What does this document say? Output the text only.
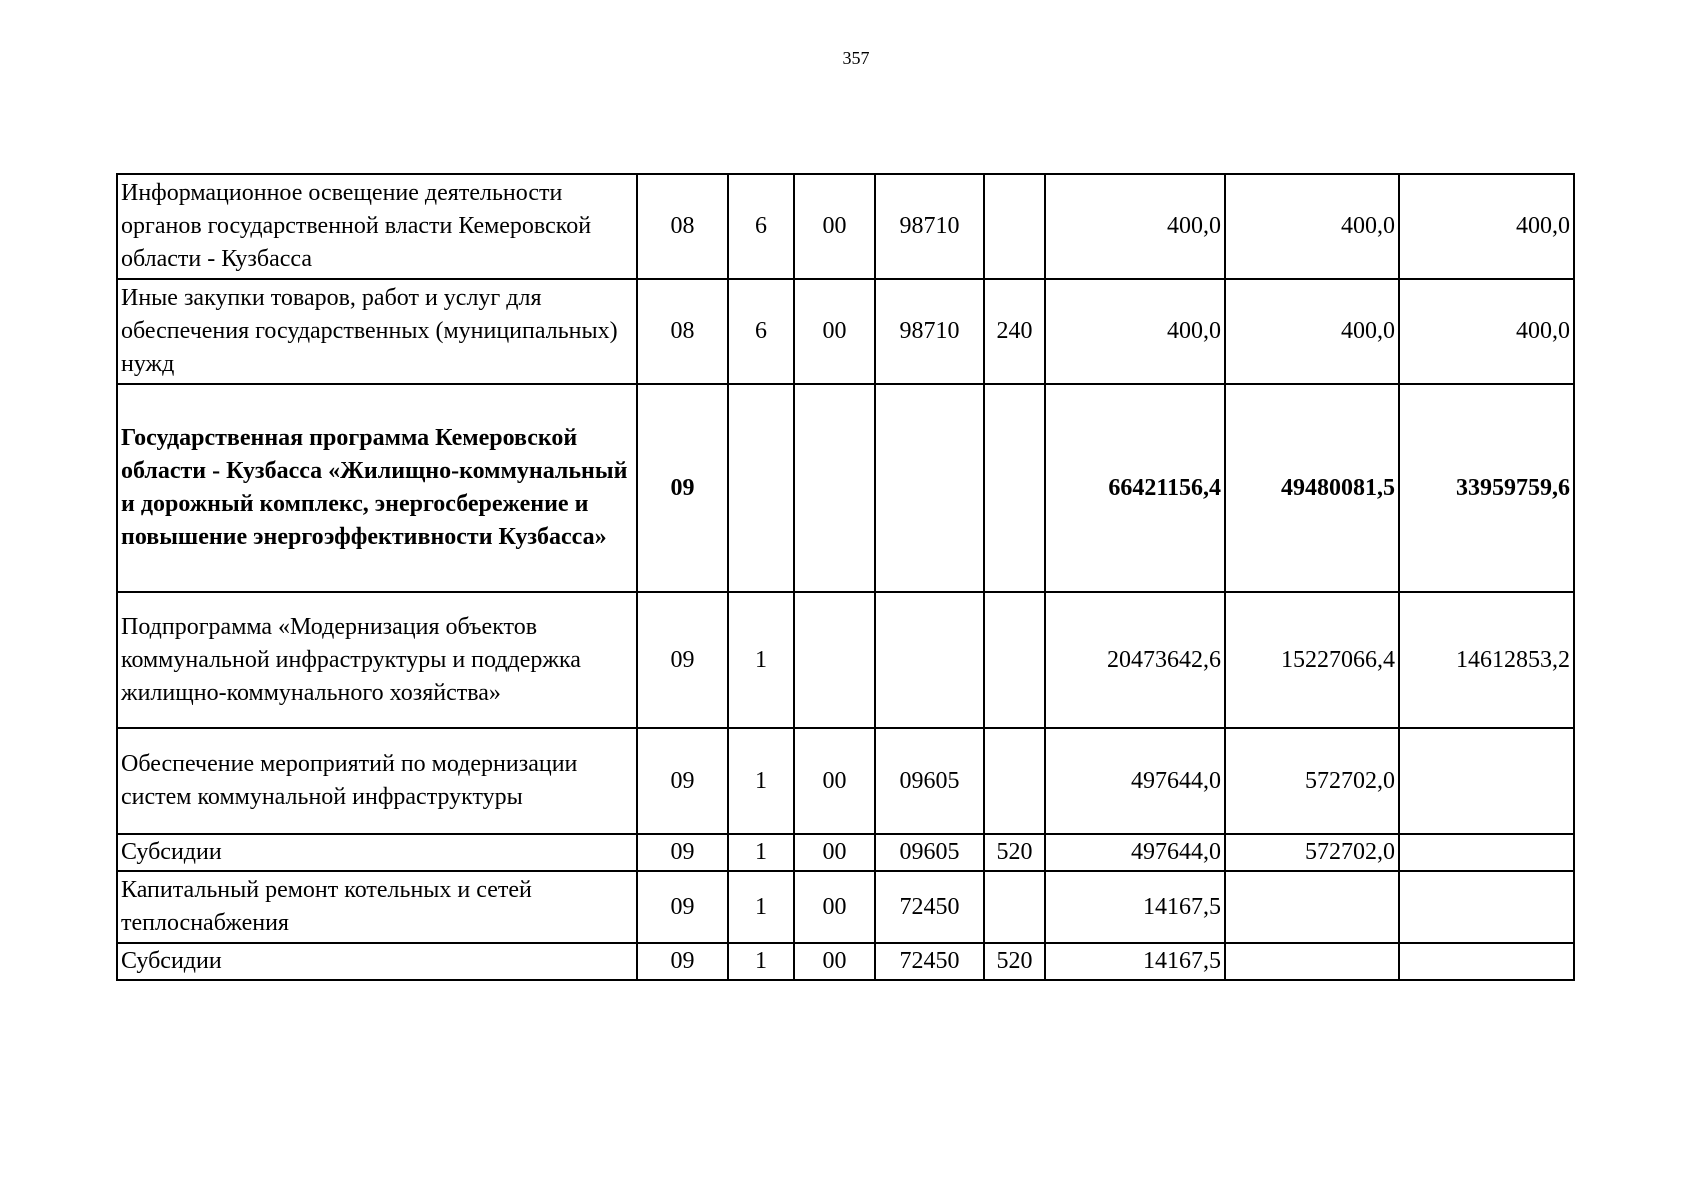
357
Информационное освещение деятельности органов государственной власти Кемеровской области - Кузбасса	08	6	00	98710		400,0	400,0	400,0
Иные закупки товаров, работ и услуг для обеспечения государственных (муниципальных) нужд	08	6	00	98710	240	400,0	400,0	400,0
Государственная программа Кемеровской области - Кузбасса «Жилищно-коммунальный и дорожный комплекс, энергосбережение и повышение энергоэффективности Кузбасса»	09					66421156,4	49480081,5	33959759,6
Подпрограмма «Модернизация объектов коммунальной инфраструктуры и поддержка жилищно-коммунального хозяйства»	09	1				20473642,6	15227066,4	14612853,2
Обеспечение мероприятий по модернизации систем коммунальной инфраструктуры	09	1	00	09605		497644,0	572702,0	
Субсидии	09	1	00	09605	520	497644,0	572702,0	
Капитальный ремонт котельных и сетей теплоснабжения	09	1	00	72450		14167,5		
Субсидии	09	1	00	72450	520	14167,5		
